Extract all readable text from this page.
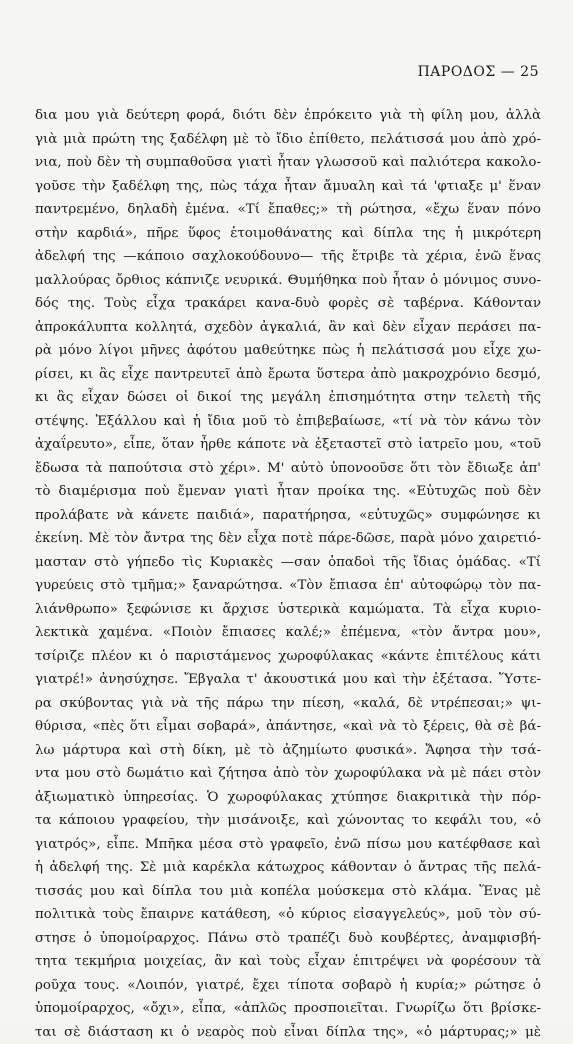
ΠΑΡΟΔΟΣ — 25
δια μου γιὰ δεύτερη φορά, διότι δὲν ἐπρόκειτο γιὰ τὴ φίλη μου, ἀλλὰ
γιὰ μιὰ πρώτη της ξαδέλφη μὲ τὸ ἴδιο ἐπίθετο, πελάτισσά μου ἀπὸ χρό-
νια, ποὺ δὲν τὴ συμπαθοῦσα γιατὶ ἦταν γλωσσοῦ καὶ παλιότερα κακολο-
γοῦσε τὴν ξαδέλφη της, πὼς τάχα ἦταν ἄμυαλη καὶ τά 'φτιαξε μ' ἕναν
παντρεμένο, δηλαδὴ ἐμένα. «Τί ἔπαθες;» τὴ ρώτησα, «ἔχω ἕναν πόνο
στὴν καρδιά», πῆρε ὕφος ἑτοιμοθάνατης καὶ δίπλα της ἡ μικρότερη
ἀδελφή της —κάποιο σαχλοκούδουνο— τῆς ἔτριβε τὰ χέρια, ἐνῶ ἕνας
μαλλούρας ὄρθιος κάπνιζε νευρικά. Θυμήθηκα ποὺ ἦταν ὁ μόνιμος συνο-
δός της. Τοὺς εἶχα τρακάρει κανα-δυὸ φορὲς σὲ ταβέρνα. Κάθονταν
ἀπροκάλυπτα κολλητά, σχεδὸν ἀγκαλιά, ἂν καὶ δὲν εἶχαν περάσει πα-
ρὰ μόνο λίγοι μῆνες ἀφότου μαθεύτηκε πὼς ἡ πελάτισσά μου εἶχε χω-
ρίσει, κι ἂς εἶχε παντρευτεῖ ἀπὸ ἔρωτα ὕστερα ἀπὸ μακροχρόνιο δεσμό,
κι ἂς εἶχαν δώσει οἱ δικοί της μεγάλη ἐπισημότητα στην τελετὴ τῆς
στέψης. Ἐξάλλου καὶ ἡ ἴδια μοῦ τὸ ἐπιβεβαίωσε, «τί νὰ τὸν κάνω τὸν
ἀχαΐρευτο», εἶπε, ὅταν ἦρθε κάποτε νὰ ἐξεταστεῖ στὸ ἰατρεῖο μου, «τοῦ
ἔδωσα τὰ παπούτσια στὸ χέρι». Μ' αὐτὸ ὑπονοοῦσε ὅτι τὸν ἔδιωξε ἀπ'
τὸ διαμέρισμα ποὺ ἔμεναν γιατὶ ἦταν προίκα της. «Εὐτυχῶς ποὺ δὲν
προλάβατε νὰ κάνετε παιδιά», παρατήρησα, «εὐτυχῶς» συμφώνησε κι
ἐκείνη. Μὲ τὸν ἄντρα της δὲν εἶχα ποτὲ πάρε-δῶσε, παρὰ μόνο χαιρετιό-
μασταν στὸ γήπεδο τὶς Κυριακὲς —σαν ὀπαδοὶ τῆς ἴδιας ὁμάδας. «Τί
γυρεύεις στὸ τμῆμα;» ξαναρώτησα. «Τὸν ἔπιασα ἐπ' αὐτοφώρῳ τὸν πα-
λιάνθρωπο» ξεφώνισε κι ἄρχισε ὑστερικὰ καμώματα. Τὰ εἶχα κυριο-
λεκτικὰ χαμένα. «Ποιὸν ἔπιασες καλέ;» ἐπέμενα, «τὸν ἄντρα μου»,
τσίριζε πλέον κι ὁ παριστάμενος χωροφύλακας «κάντε ἐπιτέλους κάτι
γιατρέ!» ἀνησύχησε. Ἔβγαλα τ' ἀκουστικά μου καὶ τὴν ἐξέτασα. Ὕστε-
ρα σκύβοντας γιὰ νὰ τῆς πάρω την πίεση, «καλά, δὲ ντρέπεσαι;» ψι-
θύρισα, «πὲς ὅτι εἶμαι σοβαρά», ἀπάντησε, «καὶ νὰ τὸ ξέρεις, θὰ σὲ βά-
λω μάρτυρα καὶ στὴ δίκη, μὲ τὸ ἀζημίωτο φυσικά». Ἄφησα τὴν τσά-
ντα μου στὸ δωμάτιο καὶ ζήτησα ἀπὸ τὸν χωροφύλακα νὰ μὲ πάει στὸν
ἀξιωματικὸ ὑπηρεσίας. Ὁ χωροφύλακας χτύπησε διακριτικὰ τὴν πόρ-
τα κάποιου γραφείου, τὴν μισάνοιξε, καὶ χώνοντας το κεφάλι του, «ὁ
γιατρός», εἶπε. Μπῆκα μέσα στὸ γραφεῖο, ἐνῶ πίσω μου κατέφθασε καὶ
ἡ ἀδελφή της. Σὲ μιὰ καρέκλα κάτωχρος κάθονταν ὁ ἄντρας τῆς πελά-
τισσάς μου καὶ δίπλα του μιὰ κοπέλα μούσκεμα στὸ κλάμα. Ἕνας μὲ
πολιτικὰ τοὺς ἔπαιρνε κατάθεση, «ὁ κύριος εἰσαγγελεύς», μοῦ τὸν σύ-
στησε ὁ ὑπομοίραρχος. Πάνω στὸ τραπέζι δυὸ κουβέρτες, ἀναμφισβή-
τητα τεκμήρια μοιχείας, ἂν καὶ τοὺς εἶχαν ἐπιτρέψει νὰ φορέσουν τὰ
ροῦχα τους. «Λοιπόν, γιατρέ, ἔχει τίποτα σοβαρὸ ἡ κυρία;» ρώτησε ὁ
ὑπομοίραρχος, «ὄχι», εἶπα, «ἁπλῶς προσποιεῖται. Γνωρίζω ὅτι βρίσκε-
ται σὲ διάσταση κι ὁ νεαρὸς ποὺ εἶναι δίπλα της», «ὁ μάρτυρας;» μὲ
